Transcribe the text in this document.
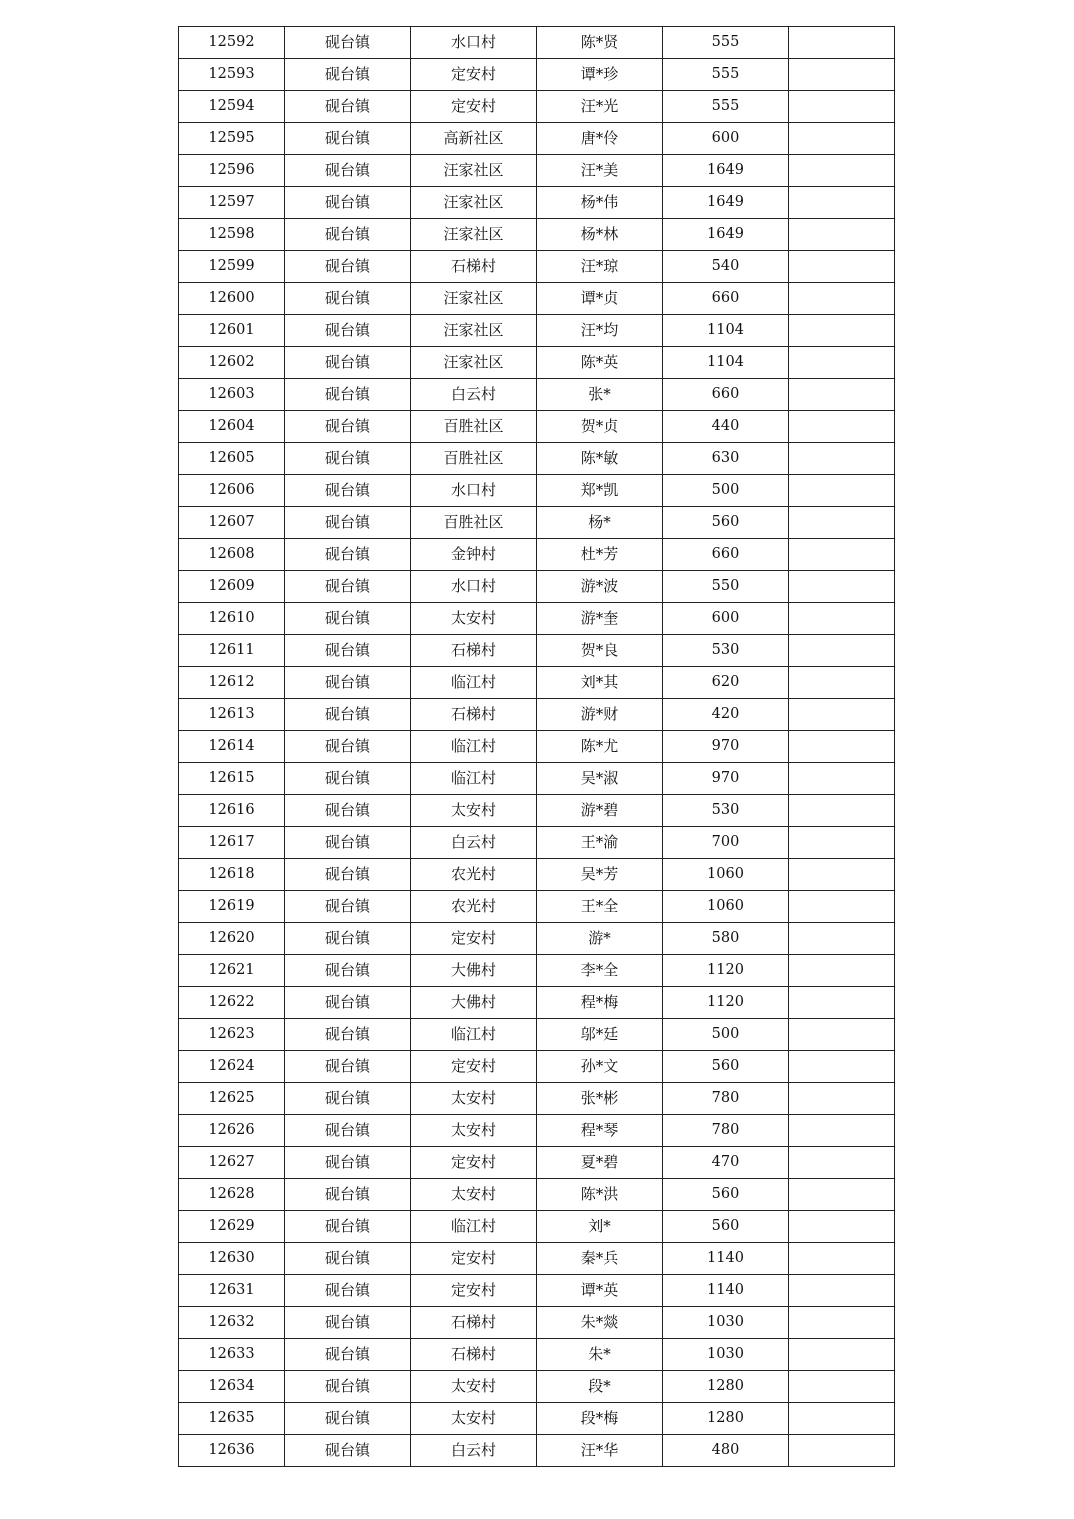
12592	砚台镇	水口村	陈*贤	555	
12593	砚台镇	定安村	谭*珍	555	
12594	砚台镇	定安村	汪*光	555	
12595	砚台镇	高新社区	唐*伶	600	
12596	砚台镇	汪家社区	汪*美	1649	
12597	砚台镇	汪家社区	杨*伟	1649	
12598	砚台镇	汪家社区	杨*林	1649	
12599	砚台镇	石梯村	汪*琼	540	
12600	砚台镇	汪家社区	谭*贞	660	
12601	砚台镇	汪家社区	汪*均	1104	
12602	砚台镇	汪家社区	陈*英	1104	
12603	砚台镇	白云村	张*	660	
12604	砚台镇	百胜社区	贺*贞	440	
12605	砚台镇	百胜社区	陈*敏	630	
12606	砚台镇	水口村	郑*凯	500	
12607	砚台镇	百胜社区	杨*	560	
12608	砚台镇	金钟村	杜*芳	660	
12609	砚台镇	水口村	游*波	550	
12610	砚台镇	太安村	游*奎	600	
12611	砚台镇	石梯村	贺*良	530	
12612	砚台镇	临江村	刘*其	620	
12613	砚台镇	石梯村	游*财	420	
12614	砚台镇	临江村	陈*尤	970	
12615	砚台镇	临江村	吴*淑	970	
12616	砚台镇	太安村	游*碧	530	
12617	砚台镇	白云村	王*渝	700	
12618	砚台镇	农光村	吴*芳	1060	
12619	砚台镇	农光村	王*全	1060	
12620	砚台镇	定安村	游*	580	
12621	砚台镇	大佛村	李*全	1120	
12622	砚台镇	大佛村	程*梅	1120	
12623	砚台镇	临江村	邬*廷	500	
12624	砚台镇	定安村	孙*文	560	
12625	砚台镇	太安村	张*彬	780	
12626	砚台镇	太安村	程*琴	780	
12627	砚台镇	定安村	夏*碧	470	
12628	砚台镇	太安村	陈*洪	560	
12629	砚台镇	临江村	刘*	560	
12630	砚台镇	定安村	秦*兵	1140	
12631	砚台镇	定安村	谭*英	1140	
12632	砚台镇	石梯村	朱*燚	1030	
12633	砚台镇	石梯村	朱*	1030	
12634	砚台镇	太安村	段*	1280	
12635	砚台镇	太安村	段*梅	1280	
12636	砚台镇	白云村	汪*华	480	
